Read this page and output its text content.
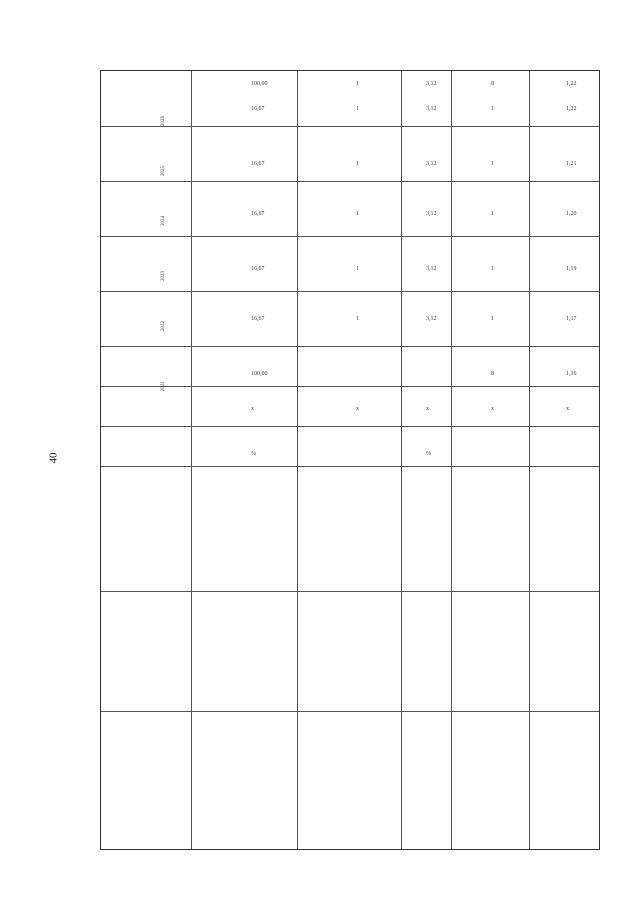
40
2021
2022
2023
2024
2025
2026
%
x
100,00
16,67
16,67
16,67
16,67
16,67
100,00
x
1
1
1
1
1
1
%
x
3,12
3,12
3,12
3,12
3,12
3,12
x
8
1
1
1
1
1
8
x
1,16
1,17
1,19
1,20
1,21
1,22
1,22
